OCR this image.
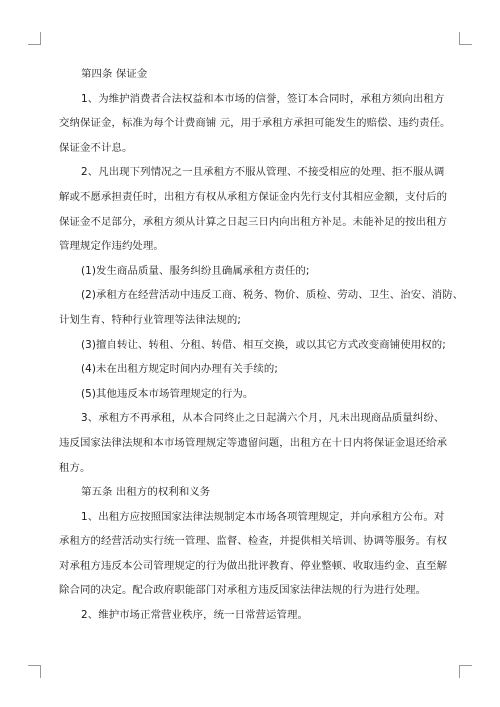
第四条 保证金

1、为维护消费者合法权益和本市场的信誉，签订本合同时，承租方须向出租方

交纳保证金，标准为每个计费商铺 元，用于承租方承担可能发生的赔偿、违约责任。

保证金不计息。

2、凡出现下列情况之一且承租方不服从管理、不接受相应的处理、拒不服从调

解或不愿承担责任时，出租方有权从承租方保证金内先行支付其相应金额，支付后的

保证金不足部分，承租方须从计算之日起三日内向出租方补足。未能补足的按出租方

管理规定作违约处理。

(1)发生商品质量、服务纠纷且确属承租方责任的;

(2)承租方在经营活动中违反工商、税务、物价、质检、劳动、卫生、治安、消防、

计划生育、特种行业管理等法律法规的;

(3)擅自转让、转租、分租、转借、相互交换，或以其它方式改变商铺使用权的;

(4)未在出租方规定时间内办理有关手续的;

(5)其他违反本市场管理规定的行为。

3、承租方不再承租，从本合同终止之日起满六个月，凡未出现商品质量纠纷、

违反国家法律法规和本市场管理规定等遗留问题，出租方在十日内将保证金退还给承

租方。

第五条 出租方的权利和义务

1、出租方应按照国家法律法规制定本市场各项管理规定，并向承租方公布。对

承租方的经营活动实行统一管理、监督、检查，并提供相关培训、协调等服务。有权

对承租方违反本公司管理规定的行为做出批评教育、停业整顿、收取违约金、直至解

除合同的决定。配合政府职能部门对承租方违反国家法律法规的行为进行处理。

2、维护市场正常营业秩序，统一日常营运管理。
